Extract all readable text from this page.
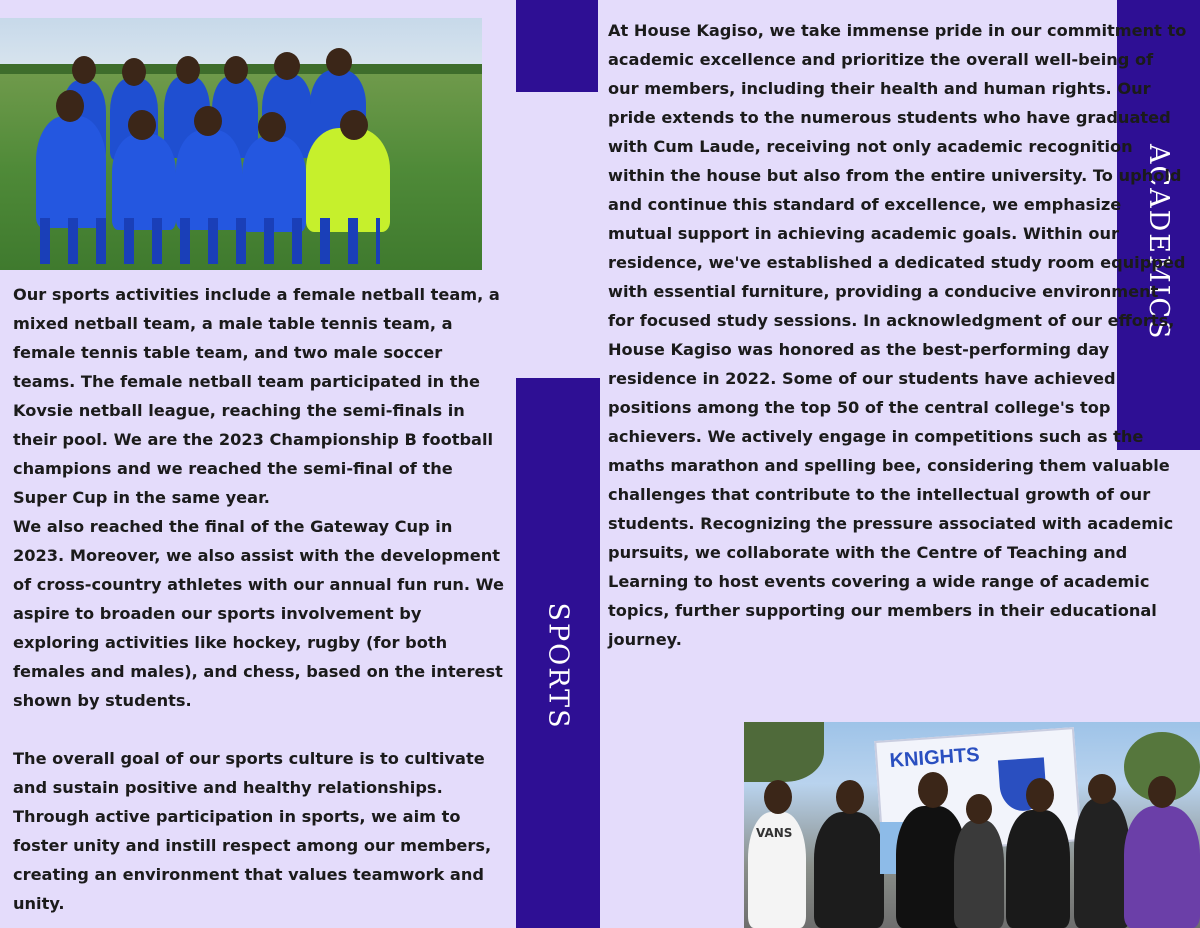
ACADEMICS
SPORTS

Our sports activities include a female netball team, a mixed netball team, a male table tennis team, a female tennis table team, and two male soccer teams. The female netball team participated in the Kovsie netball league, reaching the semi-finals in their pool. We are the 2023 Championship B football champions and we reached the semi-final of the Super Cup in the same year.

We also reached the final of the Gateway Cup in 2023. Moreover, we also assist with the development of cross-country athletes with our annual fun run. We aspire to broaden our sports involvement by exploring activities like hockey, rugby (for both females and males), and chess, based on the interest shown by students.

The overall goal of our sports culture is to cultivate and sustain positive and healthy relationships. Through active participation in sports, we aim to foster unity and instill respect among our members, creating an environment that values teamwork and unity.

At House Kagiso, we take immense pride in our commitment to academic excellence and prioritize the overall well-being of our members, including their health and human rights. Our pride extends to the numerous students who have graduated with Cum Laude, receiving not only academic recognition within the house but also from the entire university. To uphold and continue this standard of excellence, we emphasize mutual support in achieving academic goals. Within our residence, we've established a dedicated study room equipped with essential furniture, providing a conducive environment for focused study sessions. In acknowledgment of our efforts, House Kagiso was honored as the best-performing day residence in 2022. Some of our students have achieved positions among the top 50 of the central college's top achievers. We actively engage in competitions such as the maths marathon and spelling bee, considering them valuable challenges that contribute to the intellectual growth of our students. Recognizing the pressure associated with academic pursuits, we collaborate with the Centre of Teaching and Learning to host events covering a wide range of academic topics, further supporting our members in their educational journey.

KNIGHTS
VANS
